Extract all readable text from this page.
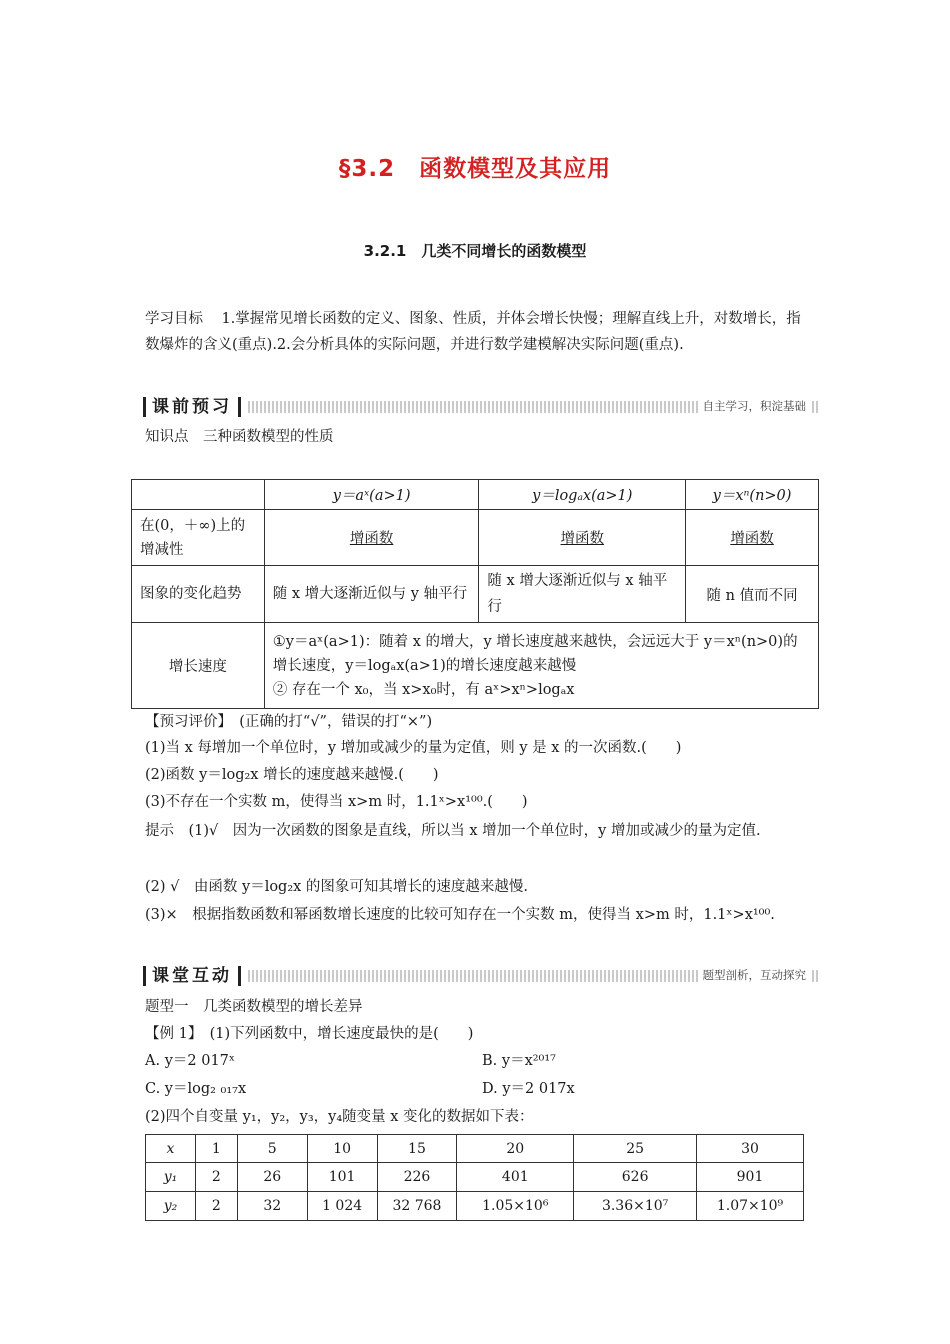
§3.2　函数模型及其应用
3.2.1　几类不同增长的函数模型
学习目标 1.掌握常见增长函数的定义、图象、性质，并体会增长快慢；理解直线上升，对数增长，指数爆炸的含义(重点).2.会分析具体的实际问题，并进行数学建模解决实际问题(重点).
课前预习	自主学习，积淀基础
知识点　三种函数模型的性质
	y＝aˣ(a>1)	y＝logₐx(a>1)	y＝xⁿ(n>0)
在(0，＋∞)上的增减性	增函数	增函数	增函数
图象的变化趋势	随 x 增大逐渐近似与 y 轴平行	随 x 增大逐渐近似与 x 轴平行	随 n 值而不同
增长速度	①y＝aˣ(a>1)：随着 x 的增大，y 增长速度越来越快，会远远大于 y＝xⁿ(n>0)的增长速度，y＝logₐx(a>1)的增长速度越来越慢
② 存在一个 x₀，当 x>x₀时，有 aˣ>xⁿ>logₐx		
【预习评价】　(正确的打“√”，错误的打“×”)
(1)当 x 每增加一个单位时，y 增加或减少的量为定值，则 y 是 x 的一次函数.(　　)
(2)函数 y＝log₂x 增长的速度越来越慢.(　　)
(3)不存在一个实数 m，使得当 x>m 时，1.1ˣ>x¹⁰⁰.(　　)
提示　(1)√　因为一次函数的图象是直线，所以当 x 增加一个单位时，y 增加或减少的量为定值.
(2) √　由函数 y＝log₂x 的图象可知其增长的速度越来越慢.
(3)×　根据指数函数和幂函数增长速度的比较可知存在一个实数 m，使得当 x>m 时，1.1ˣ>x¹⁰⁰.
课堂互动	题型剖析，互动探究
题型一　几类函数模型的增长差异
【例 1】　(1)下列函数中，增长速度最快的是(　　)
A. y＝2 017ˣ	B. y＝x²⁰¹⁷
C. y＝log₂ ₀₁₇x	D. y＝2 017x
(2)四个自变量 y₁，y₂，y₃，y₄随变量 x 变化的数据如下表：
x	1	5	10	15	20	25	30
y₁	2	26	101	226	401	626	901
y₂	2	32	1 024	32 768	1.05×10⁶	3.36×10⁷	1.07×10⁹
